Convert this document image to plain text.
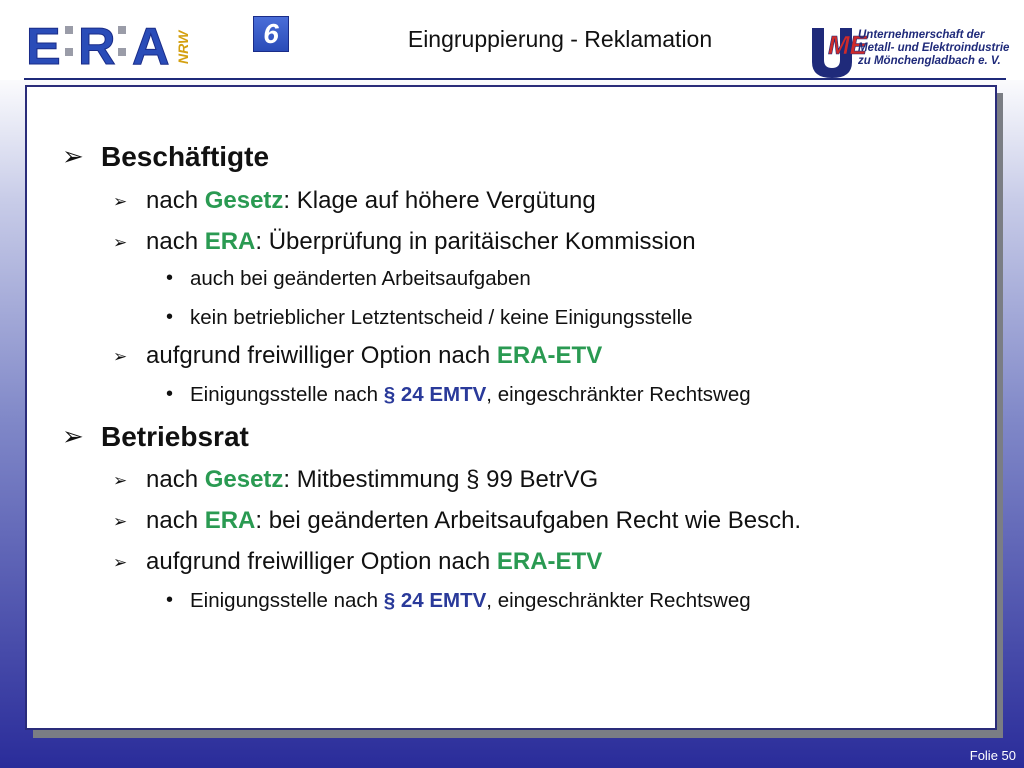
E R A NRW	6	Eingruppierung - Reklamation	ME
Unternehmerschaft der
Metall- und Elektroindustrie
zu Mönchengladbach e. V.
➢ Beschäftigte
➢ nach Gesetz: Klage auf höhere Vergütung
➢ nach ERA: Überprüfung in paritäischer Kommission
• auch bei geänderten Arbeitsaufgaben
• kein betrieblicher Letztentscheid / keine Einigungsstelle
➢ aufgrund freiwilliger Option nach ERA-ETV
• Einigungsstelle nach § 24 EMTV, eingeschränkter Rechtsweg
➢ Betriebsrat
➢ nach Gesetz: Mitbestimmung § 99 BetrVG
➢ nach ERA: bei geänderten Arbeitsaufgaben Recht wie Besch.
➢ aufgrund freiwilliger Option nach ERA-ETV
• Einigungsstelle nach § 24 EMTV, eingeschränkter Rechtsweg
Folie 50
